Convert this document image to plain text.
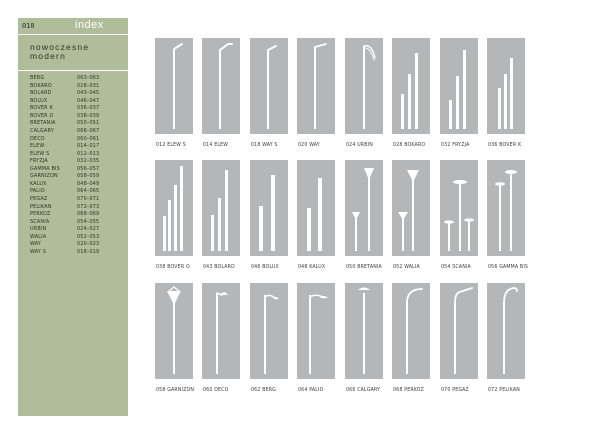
010	index
nowoczesne
modern
BERG	063–063
BOKARO	028–031
BOLARD	043–045
BOLUX	046–047
BOVER K	036–037
BOVER O	038–039
BRETANIA	050–051
CALGARY	066–067
DECO	060–061
ELEW	014–017
ELEW S	012–013
FRYZJA	032–035
GAMMA BIS	056–057
GARNIZON	058–059
KALUX	048–049
PALIO	064–065
PEGAZ	070–071
PELIKAN	072–073
PERKOZ	068–069
SCANIA	054–055
URBIN	024–027
WALIA	052–053
WAY	020–023
WAY S	018–019
012 ELEW S	014 ELEW	018 WAY S	020 WAY	024 URBIN	028 BOKARO	032 FRYZJA	036 BOVER K
038 BOVER O	043 BOLARD	046 BOLUX	048 KALUX	050 BRETANIA 052 WALIA	054 SCANIA	056 GAMMA BIS
058 GARNIZON 060 DECO	062 BERG	064 PALIO	066 CALGARY 068 PERKOZ	070 PEGAZ	072 PELIKAN
